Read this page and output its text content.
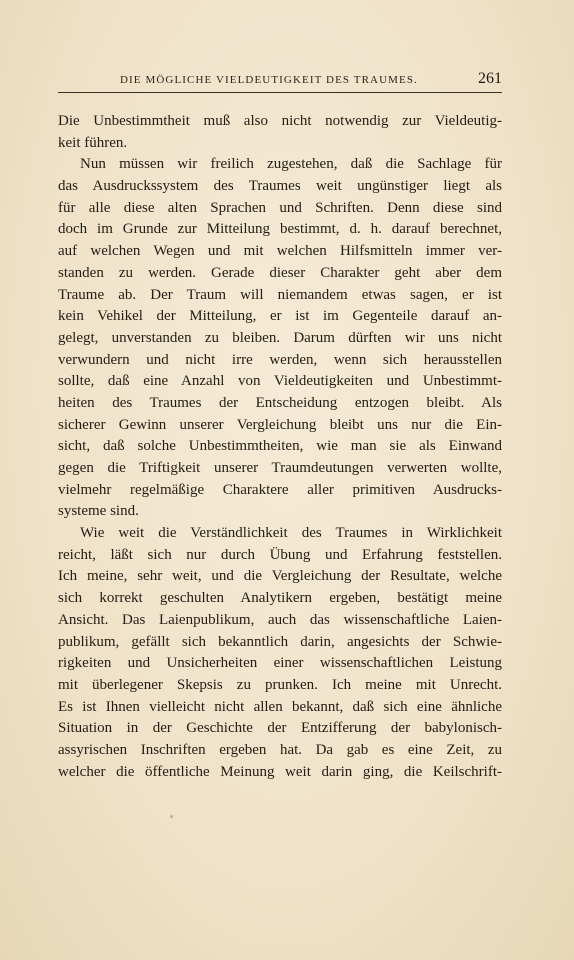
DIE MÖGLICHE VIELDEUTIGKEIT DES TRAUMES.	261
Die Unbestimmtheit muß also nicht notwendig zur Vieldeutig-
keit führen.
Nun müssen wir freilich zugestehen, daß die Sachlage für
das Ausdruckssystem des Traumes weit ungünstiger liegt als
für alle diese alten Sprachen und Schriften. Denn diese sind
doch im Grunde zur Mitteilung bestimmt, d. h. darauf berechnet,
auf welchen Wegen und mit welchen Hilfsmitteln immer ver-
standen zu werden. Gerade dieser Charakter geht aber dem
Traume ab. Der Traum will niemandem etwas sagen, er ist
kein Vehikel der Mitteilung, er ist im Gegenteile darauf an-
gelegt, unverstanden zu bleiben. Darum dürften wir uns nicht
verwundern und nicht irre werden, wenn sich herausstellen
sollte, daß eine Anzahl von Vieldeutigkeiten und Unbestimmt-
heiten des Traumes der Entscheidung entzogen bleibt. Als
sicherer Gewinn unserer Vergleichung bleibt uns nur die Ein-
sicht, daß solche Unbestimmtheiten, wie man sie als Einwand
gegen die Triftigkeit unserer Traumdeutungen verwerten wollte,
vielmehr regelmäßige Charaktere aller primitiven Ausdrucks-
systeme sind.
Wie weit die Verständlichkeit des Traumes in Wirklichkeit
reicht, läßt sich nur durch Übung und Erfahrung feststellen.
Ich meine, sehr weit, und die Vergleichung der Resultate, welche
sich korrekt geschulten Analytikern ergeben, bestätigt meine
Ansicht. Das Laienpublikum, auch das wissenschaftliche Laien-
publikum, gefällt sich bekanntlich darin, angesichts der Schwie-
rigkeiten und Unsicherheiten einer wissenschaftlichen Leistung
mit überlegener Skepsis zu prunken. Ich meine mit Unrecht.
Es ist Ihnen vielleicht nicht allen bekannt, daß sich eine ähnliche
Situation in der Geschichte der Entzifferung der babylonisch-
assyrischen Inschriften ergeben hat. Da gab es eine Zeit, zu
welcher die öffentliche Meinung weit darin ging, die Keilschrift-
